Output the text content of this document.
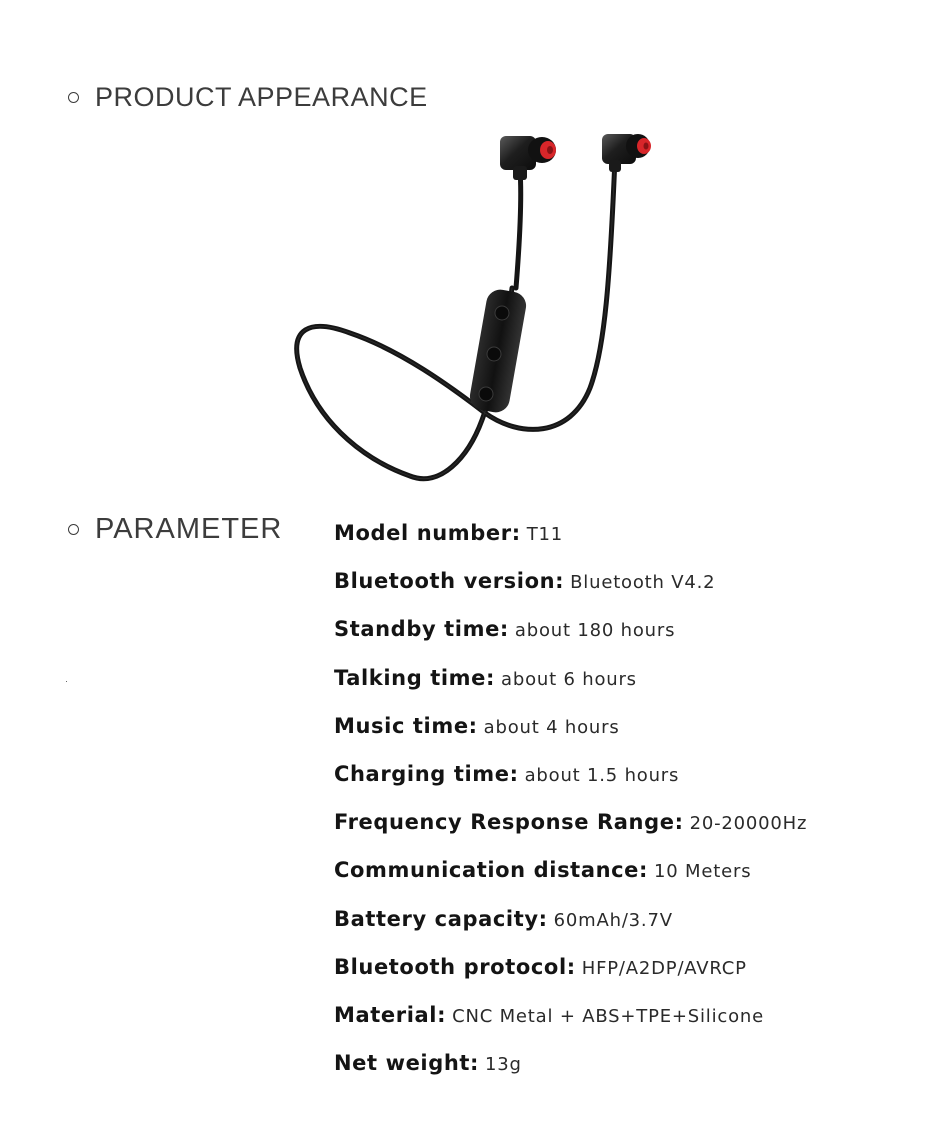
PRODUCT APPEARANCE
PARAMETER Model number: T11
Bluetooth version: Bluetooth V4.2
Standby time: about 180 hours
Talking time: about 6 hours
Music time: about 4 hours
Charging time: about 1.5 hours
Frequency Response Range: 20-20000Hz
Communication distance: 10 Meters
Battery capacity: 60mAh/3.7V
Bluetooth protocol: HFP/A2DP/AVRCP
Material: CNC Metal + ABS+TPE+Silicone
Net weight: 13g
